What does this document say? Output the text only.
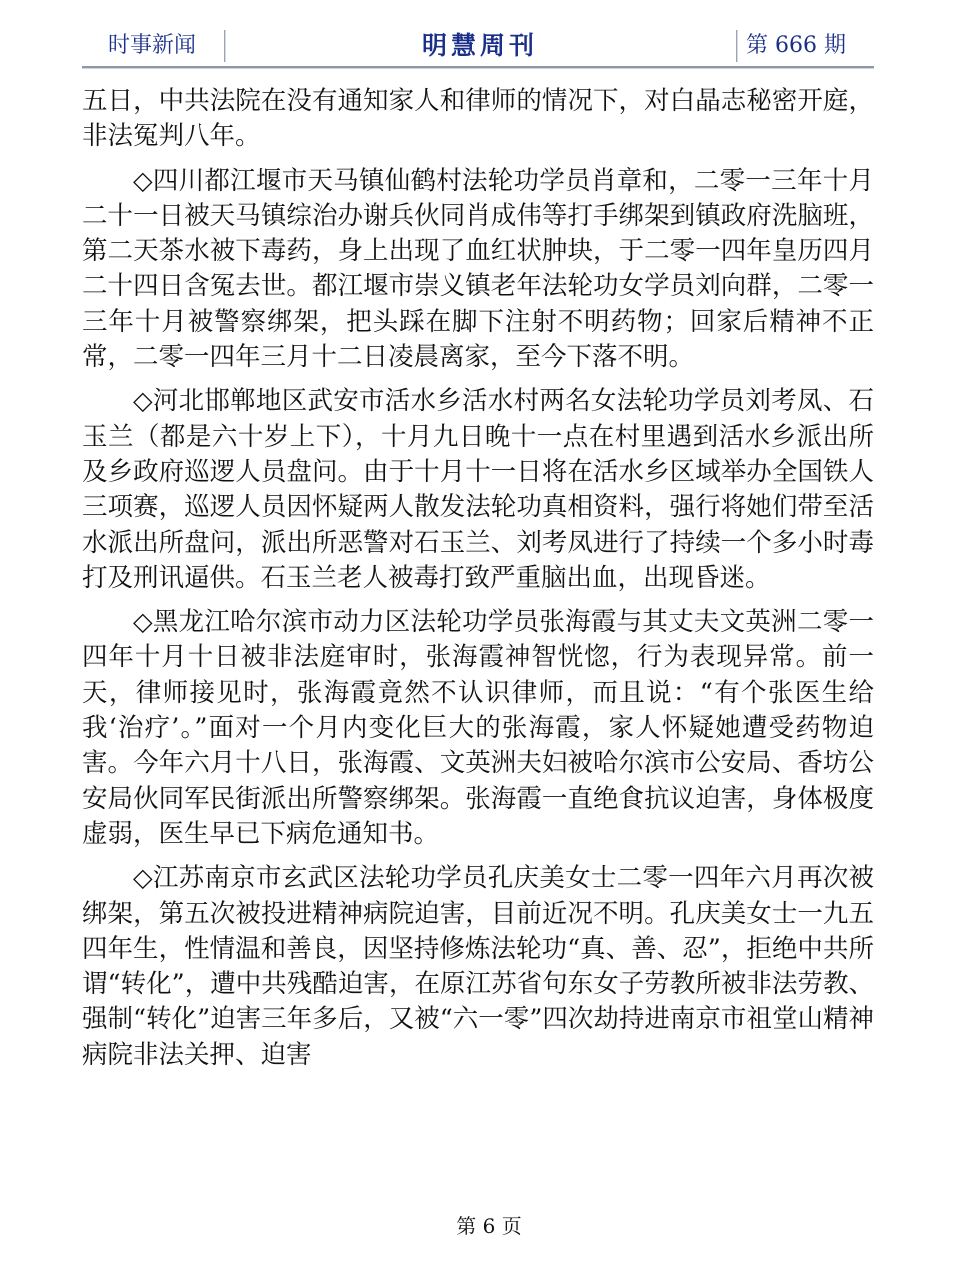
时事新闻	明慧周刊	第 666 期

五日，中共法院在没有通知家人和律师的情况下，对白晶志秘密开庭，非法冤判八年。

◇四川都江堰市天马镇仙鹤村法轮功学员肖章和，二零一三年十月二十一日被天马镇综治办谢兵伙同肖成伟等打手绑架到镇政府洗脑班，第二天茶水被下毒药，身上出现了血红状肿块，于二零一四年皇历四月二十四日含冤去世。都江堰市崇义镇老年法轮功女学员刘向群，二零一三年十月被警察绑架，把头踩在脚下注射不明药物；回家后精神不正常，二零一四年三月十二日凌晨离家，至今下落不明。

◇河北邯郸地区武安市活水乡活水村两名女法轮功学员刘考凤、石玉兰（都是六十岁上下），十月九日晚十一点在村里遇到活水乡派出所及乡政府巡逻人员盘问。由于十月十一日将在活水乡区域举办全国铁人三项赛，巡逻人员因怀疑两人散发法轮功真相资料，强行将她们带至活水派出所盘问，派出所恶警对石玉兰、刘考凤进行了持续一个多小时毒打及刑讯逼供。石玉兰老人被毒打致严重脑出血，出现昏迷。

◇黑龙江哈尔滨市动力区法轮功学员张海霞与其丈夫文英洲二零一四年十月十日被非法庭审时，张海霞神智恍惚，行为表现异常。前一天，律师接见时，张海霞竟然不认识律师，而且说：“有个张医生给我‘治疗’。”面对一个月内变化巨大的张海霞，家人怀疑她遭受药物迫害。今年六月十八日，张海霞、文英洲夫妇被哈尔滨市公安局、香坊公安局伙同军民街派出所警察绑架。张海霞一直绝食抗议迫害，身体极度虚弱，医生早已下病危通知书。

◇江苏南京市玄武区法轮功学员孔庆美女士二零一四年六月再次被绑架，第五次被投进精神病院迫害，目前近况不明。孔庆美女士一九五四年生，性情温和善良，因坚持修炼法轮功“真、善、忍”，拒绝中共所谓“转化”，遭中共残酷迫害，在原江苏省句东女子劳教所被非法劳教、强制“转化”迫害三年多后，又被“六一零”四次劫持进南京市祖堂山精神病院非法关押、迫害

第 6 页
